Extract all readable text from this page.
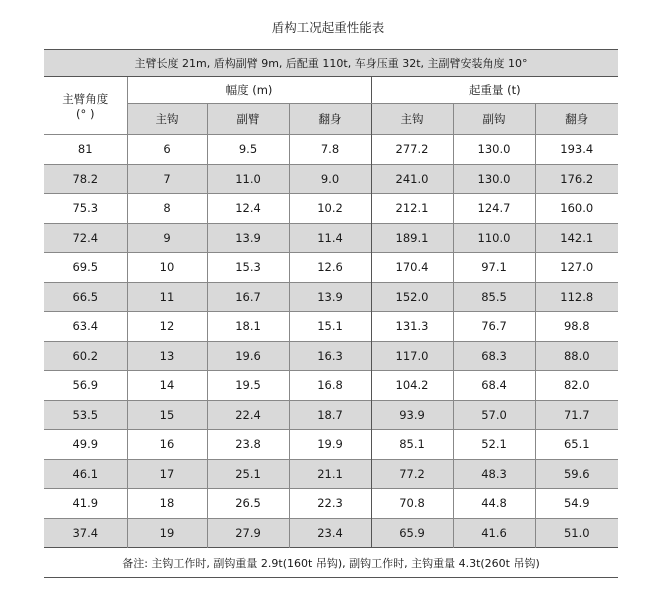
盾构工况起重性能表
主臂长度 21m, 盾构副臂 9m, 后配重 110t, 车身压重 32t, 主副臂安装角度 10°						

主臂角度
(° )	幅度 (m)			起重量 (t)		
	主钩	副臂	翻身	主钩	副钩	翻身
81	6	9.5	7.8	277.2	130.0	193.4
78.2	7	11.0	9.0	241.0	130.0	176.2
75.3	8	12.4	10.2	212.1	124.7	160.0
72.4	9	13.9	11.4	189.1	110.0	142.1
69.5	10	15.3	12.6	170.4	97.1	127.0
66.5	11	16.7	13.9	152.0	85.5	112.8
63.4	12	18.1	15.1	131.3	76.7	98.8
60.2	13	19.6	16.3	117.0	68.3	88.0
56.9	14	19.5	16.8	104.2	68.4	82.0
53.5	15	22.4	18.7	93.9	57.0	71.7
49.9	16	23.8	19.9	85.1	52.1	65.1
46.1	17	25.1	21.1	77.2	48.3	59.6
41.9	18	26.5	22.3	70.8	44.8	54.9
37.4	19	27.9	23.4	65.9	41.6	51.0
备注: 主钩工作时, 副钩重量 2.9t(160t 吊钩), 副钩工作时, 主钩重量 4.3t(260t 吊钩)						
